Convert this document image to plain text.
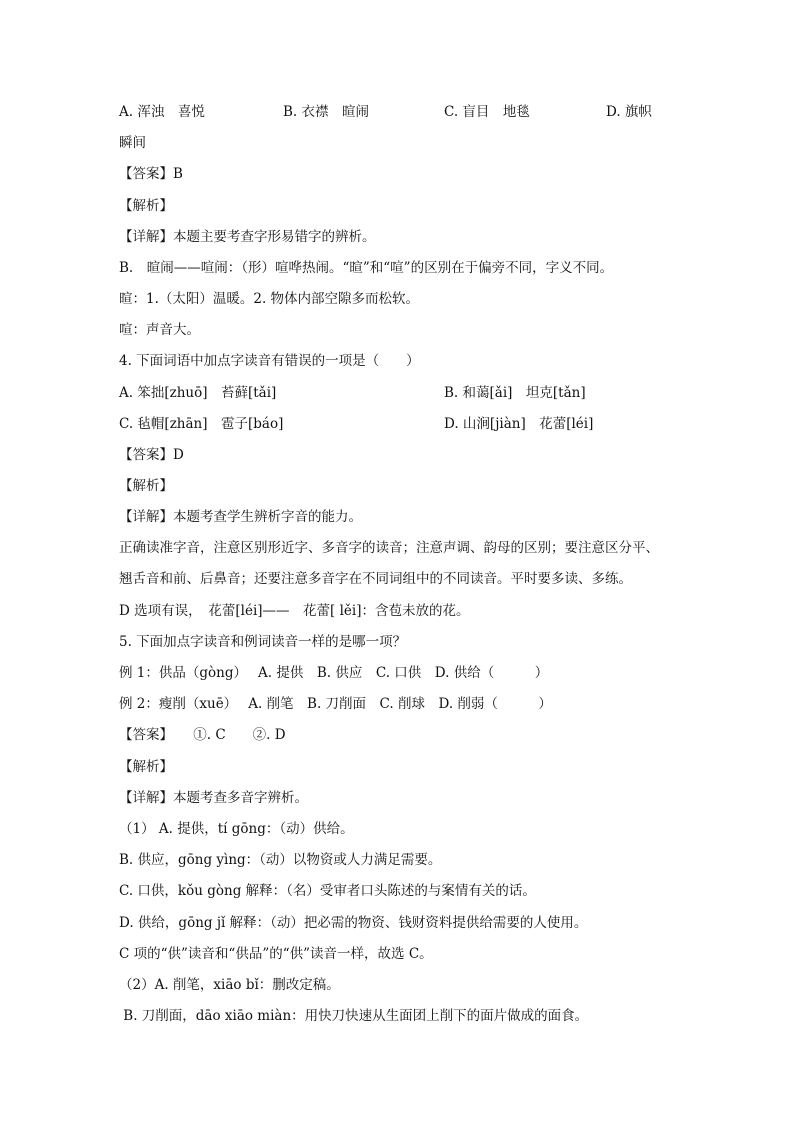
A. 浑浊　喜悦	B. 衣襟　暄闹	C. 盲目　地毯	D. 旗帜
瞬间
【答案】B
【解析】
【详解】本题主要考查字形易错字的辨析。
B.　暄闹——喧闹：（形）喧哗热闹。“暄”和“喧”的区别在于偏旁不同，字义不同。
暄：1.（太阳）温暖。2. 物体内部空隙多而松软。
喧：声音大。
4. 下面词语中加点字读音有错误的一项是（　　）
A. 笨拙[zhuō]　苔藓[tǎi]	B. 和蔼[ǎi]　坦克[tǎn]
C. 毡帽[zhān]　雹子[báo]	D. 山涧[jiàn]　花蕾[léi]
【答案】D
【解析】
【详解】本题考查学生辨析字音的能力。
正确读准字音，注意区别形近字、多音字的读音；注意声调、韵母的区别；要注意区分平、
翘舌音和前、后鼻音；还要注意多音字在不同词组中的不同读音。平时要多读、多练。
D 选项有误，　花蕾[léi]——　花蕾[ lěi]：含苞未放的花。
5. 下面加点字读音和例词读音一样的是哪一项？
例 1：供品（gòng）　 A. 提供　B. 供应　C. 口供　D. 供给（　　　）
例 2：瘦削（xuē）　 A. 削笔　B. 刀削面　C. 削球　D. 削弱（　　　）
【答案】　　①. C　　②. D
【解析】
【详解】本题考查多音字辨析。
（1） A. 提供，tí gōng：（动）供给。
B. 供应，gōng yìng：（动）以物资或人力满足需要。
C. 口供，kǒu gòng 解释：（名）受审者口头陈述的与案情有关的话。
D. 供给，gōng jǐ 解释：（动）把必需的物资、钱财资料提供给需要的人使用。
C 项的“供”读音和“供品”的“供”读音一样，故选 C。
（2）A. 削笔，xiāo bǐ：删改定稿。
B. 刀削面，dāo xiāo miàn：用快刀快速从生面团上削下的面片做成的面食。
